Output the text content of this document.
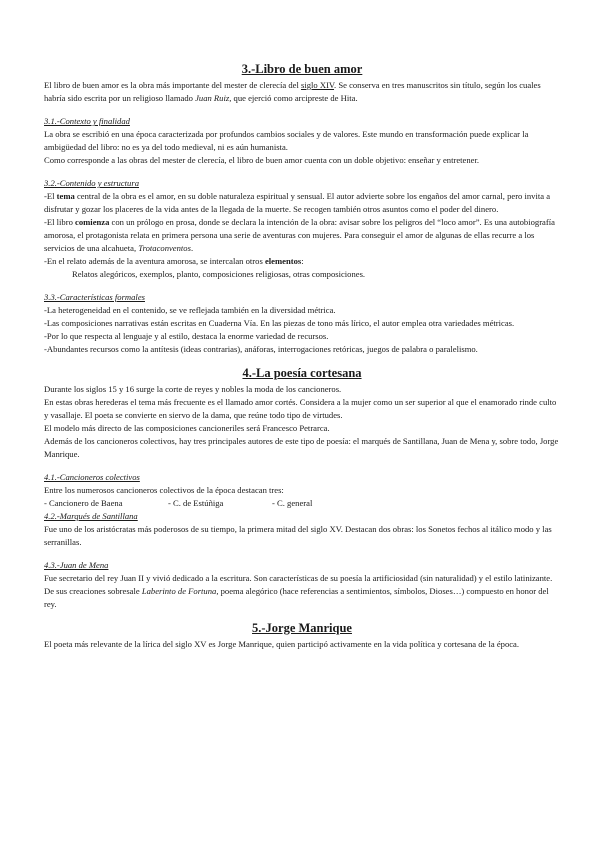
3.-Libro de buen amor

El libro de buen amor es la obra más importante del mester de clerecía del siglo XIV. Se conserva en tres manuscritos sin título, según los cuales habría sido escrita por un religioso llamado Juan Ruiz, que ejerció como arcipreste de Hita.

3.1.-Contexto y finalidad

La obra se escribió en una época caracterizada por profundos cambios sociales y de valores. Este mundo en transformación puede explicar la ambigüedad del libro: no es ya del todo medieval, ni es aún humanista.

Como corresponde a las obras del mester de clerecía, el libro de buen amor cuenta con un doble objetivo: enseñar y entretener.

3.2.-Contenido y estructura

-El tema central de la obra es el amor, en su doble naturaleza espiritual y sensual. El autor advierte sobre los engaños del amor carnal, pero invita a disfrutar y gozar los placeres de la vida antes de la llegada de la muerte. Se recogen también otros asuntos como el poder del dinero.

-El libro comienza con un prólogo en prosa, donde se declara la intención de la obra: avisar sobre los peligros del “loco amor”. Es una autobiografía amorosa, el protagonista relata en primera persona una serie de aventuras con mujeres. Para conseguir el amor de algunas de ellas recurre a los servicios de una alcahueta, Trotaconventos.

-En el relato además de la aventura amorosa, se intercalan otros elementos:

Relatos alegóricos, exemplos, planto, composiciones religiosas, otras composiciones.

3.3.-Características formales

-La heterogeneidad en el contenido, se ve reflejada también en la diversidad métrica.

-Las composiciones narrativas están escritas en Cuaderna Vía. En las piezas de tono más lírico, el autor emplea otra variedades métricas.

-Por lo que respecta al lenguaje y al estilo, destaca la enorme variedad de recursos.

-Abundantes recursos como la antítesis (ideas contrarias), anáforas, interrogaciones retóricas, juegos de palabra o paralelismo.

4.-La poesía cortesana

Durante los siglos 15 y 16 surge la corte de reyes y nobles la moda de los cancioneros.

En estas obras herederas el tema más frecuente es el llamado amor cortés. Considera a la mujer como un ser superior al que el enamorado rinde culto y vasallaje. El poeta se convierte en siervo de la dama, que reúne todo tipo de virtudes.

El modelo más directo de las composiciones cancioneriles será Francesco Petrarca.

Además de los cancioneros colectivos, hay tres principales autores de este tipo de poesía: el marqués de Santillana, Juan de Mena y, sobre todo, Jorge Manrique.

4.1.-Cancioneros colectivos

Entre los numerosos cancioneros colectivos de la época destacan tres:

- Cancionero de Baena	- C. de Estúñiga	- C. general
4.2.-Marqués de Santillana

Fue uno de los aristócratas más poderosos de su tiempo, la primera mitad del siglo XV. Destacan dos obras: los Sonetos fechos al itálico modo y las serranillas.

4.3.-Juan de Mena

Fue secretario del rey Juan II y vivió dedicado a la escritura. Son características de su poesía la artificiosidad (sin naturalidad) y el estilo latinizante.

De sus creaciones sobresale Laberinto de Fortuna, poema alegórico (hace referencias a sentimientos, símbolos, Dioses…) compuesto en honor del rey.

5.-Jorge Manrique

El poeta más relevante de la lírica del siglo XV es Jorge Manrique, quien participó activamente en la vida política y cortesana de la época.
